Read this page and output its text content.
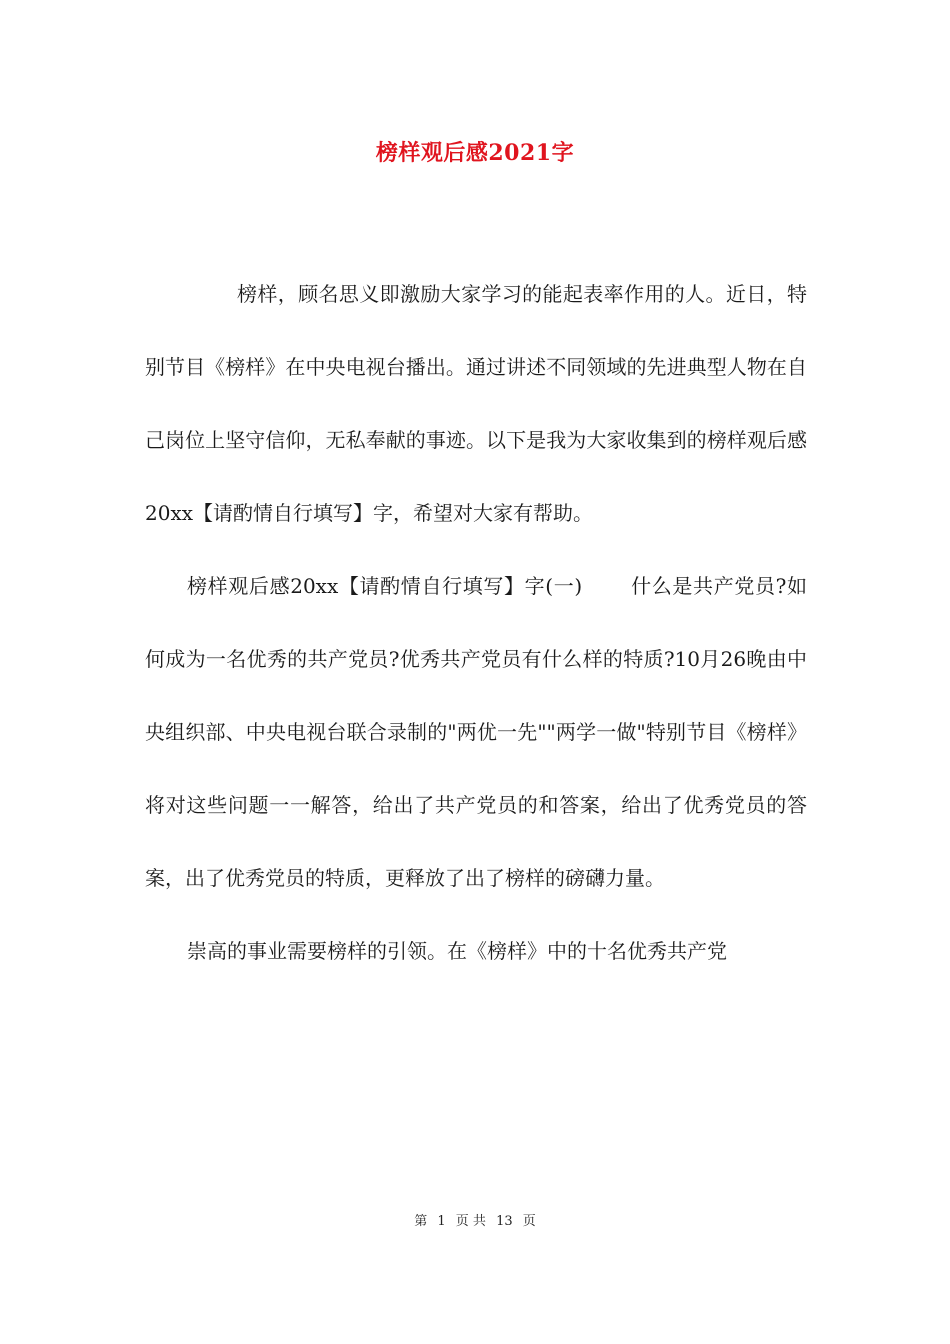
榜样观后感2021字

榜样，顾名思义即激励大家学习的能起表率作用的人。近日，特别节目《榜样》在中央电视台播出。通过讲述不同领域的先进典型人物在自己岗位上坚守信仰，无私奉献的事迹。以下是我为大家收集到的榜样观后感20xx【请酌情自行填写】字，希望对大家有帮助。

榜样观后感20xx【请酌情自行填写】字(一)　　 什么是共产党员?如何成为一名优秀的共产党员?优秀共产党员有什么样的特质?10月26晚由中央组织部、中央电视台联合录制的"两优一先""两学一做"特别节目《榜样》将对这些问题一一解答，给出了共产党员的和答案，给出了优秀党员的答案，出了优秀党员的特质，更释放了出了榜样的磅礴力量。

崇高的事业需要榜样的引领。在《榜样》中的十名优秀共产党

第 1 页 共 13 页
